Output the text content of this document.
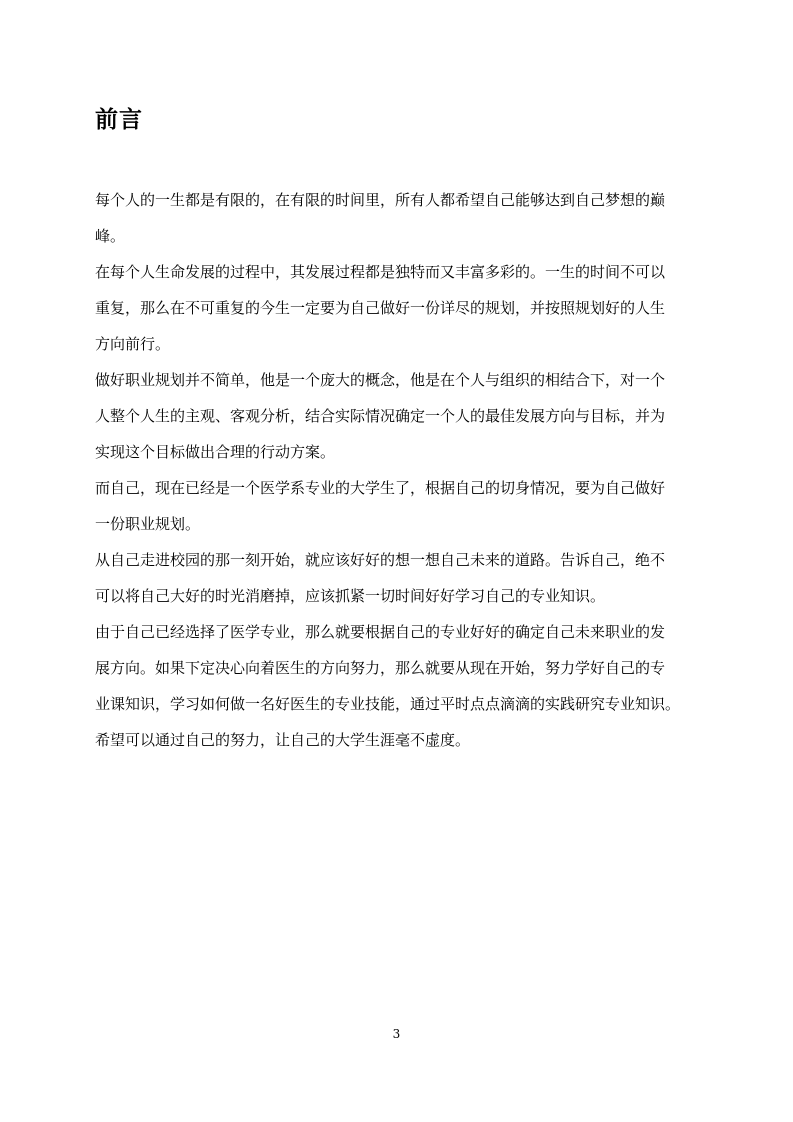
前言

每个人的一生都是有限的，在有限的时间里，所有人都希望自己能够达到自己梦想的巅
峰。

在每个人生命发展的过程中，其发展过程都是独特而又丰富多彩的。一生的时间不可以
重复，那么在不可重复的今生一定要为自己做好一份详尽的规划，并按照规划好的人生
方向前行。

做好职业规划并不简单，他是一个庞大的概念，他是在个人与组织的相结合下，对一个
人整个人生的主观、客观分析，结合实际情况确定一个人的最佳发展方向与目标，并为
实现这个目标做出合理的行动方案。

而自己，现在已经是一个医学系专业的大学生了，根据自己的切身情况，要为自己做好
一份职业规划。

从自己走进校园的那一刻开始，就应该好好的想一想自己未来的道路。告诉自己，绝不
可以将自己大好的时光消磨掉，应该抓紧一切时间好好学习自己的专业知识。

由于自己已经选择了医学专业，那么就要根据自己的专业好好的确定自己未来职业的发
展方向。如果下定决心向着医生的方向努力，那么就要从现在开始，努力学好自己的专
业课知识，学习如何做一名好医生的专业技能，通过平时点点滴滴的实践研究专业知识。
希望可以通过自己的努力，让自己的大学生涯毫不虚度。

3
